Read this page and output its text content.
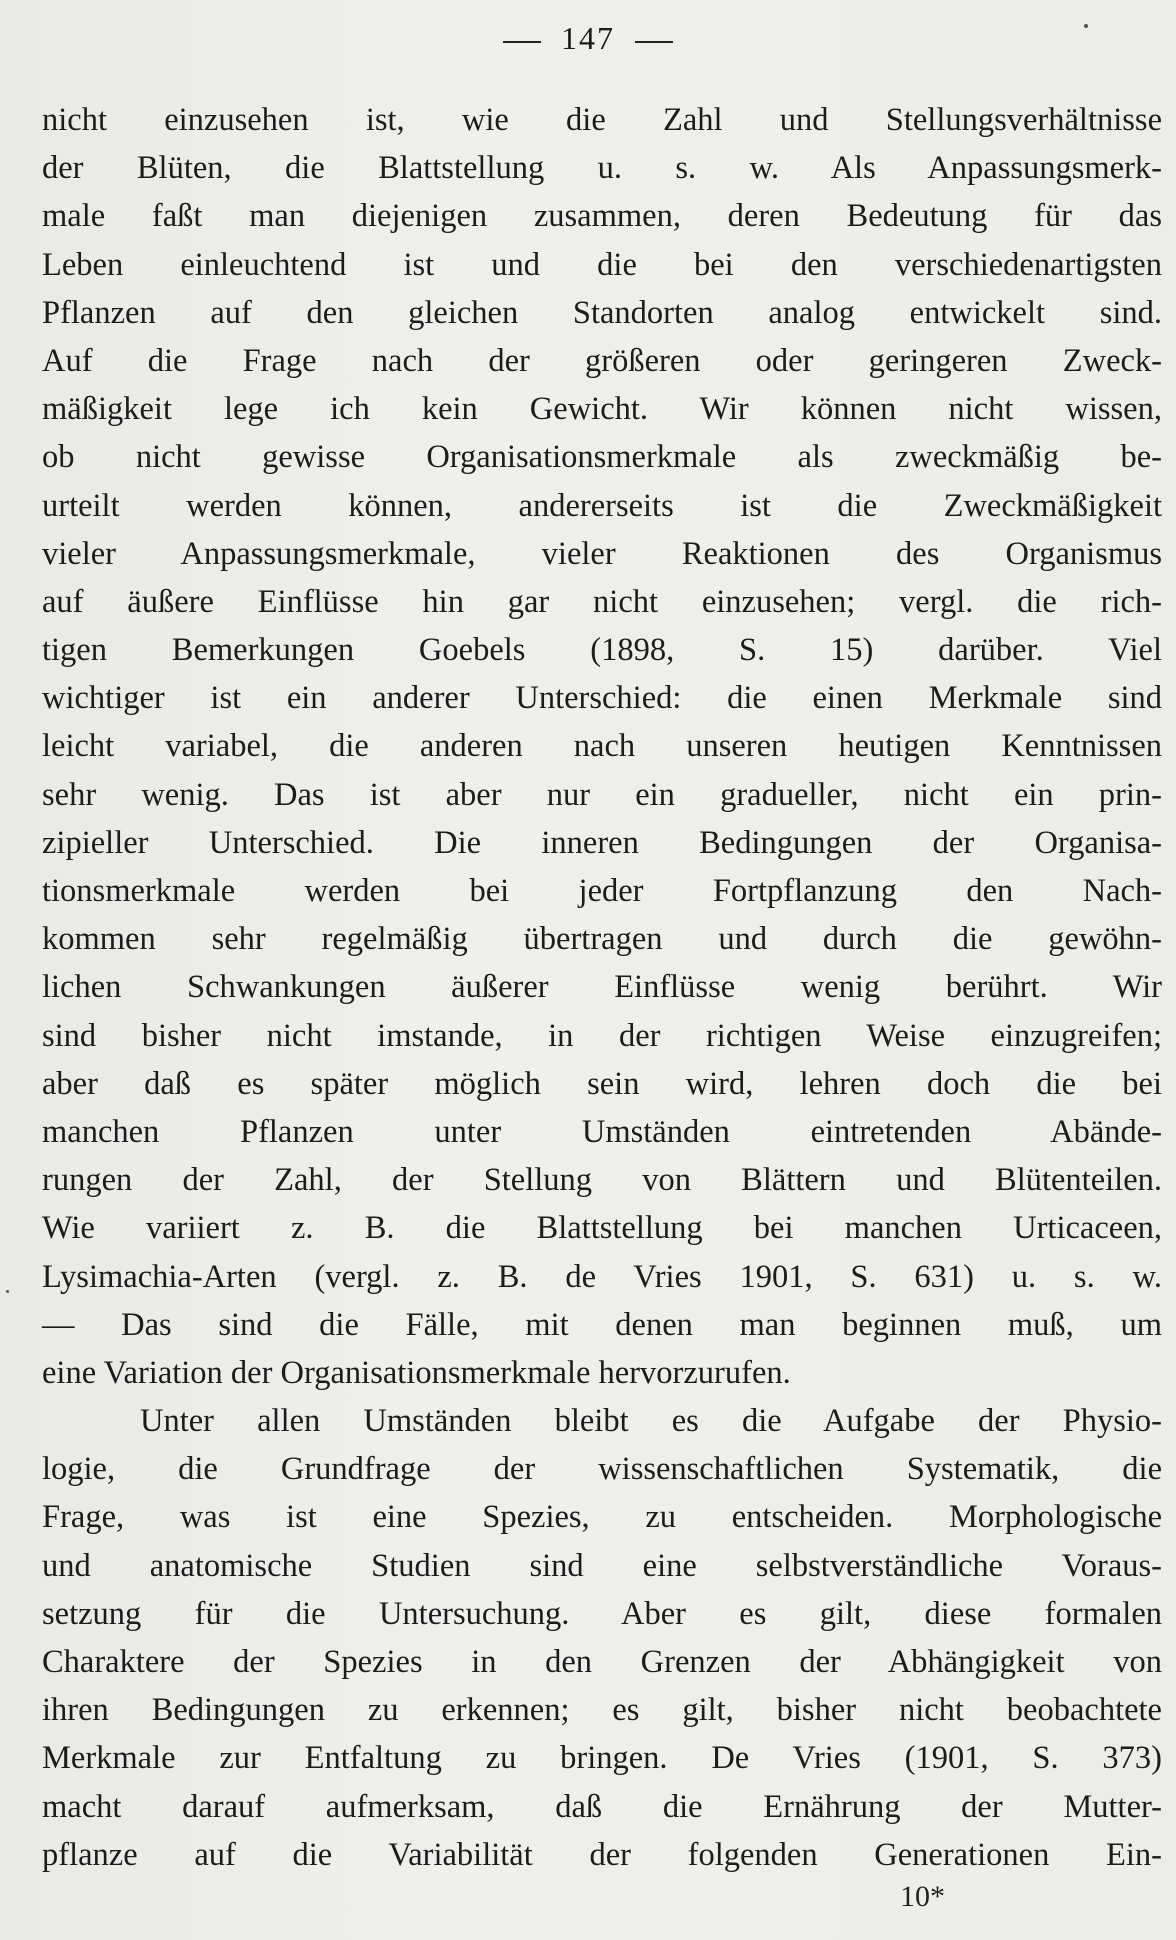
147
nicht einzusehen ist, wie die Zahl und Stellungsverhältnisse
der Blüten, die Blattstellung u. s. w. Als Anpassungsmerk-
male faßt man diejenigen zusammen, deren Bedeutung für das
Leben einleuchtend ist und die bei den verschiedenartigsten
Pflanzen auf den gleichen Standorten analog entwickelt sind.
Auf die Frage nach der größeren oder geringeren Zweck-
mäßigkeit lege ich kein Gewicht. Wir können nicht wissen,
ob nicht gewisse Organisationsmerkmale als zweckmäßig be-
urteilt werden können, andererseits ist die Zweckmäßigkeit
vieler Anpassungsmerkmale, vieler Reaktionen des Organismus
auf äußere Einflüsse hin gar nicht einzusehen; vergl. die rich-
tigen Bemerkungen Goebels (1898, S. 15) darüber. Viel
wichtiger ist ein anderer Unterschied: die einen Merkmale sind
leicht variabel, die anderen nach unseren heutigen Kenntnissen
sehr wenig. Das ist aber nur ein gradueller, nicht ein prin-
zipieller Unterschied. Die inneren Bedingungen der Organisa-
tionsmerkmale werden bei jeder Fortpflanzung den Nach-
kommen sehr regelmäßig übertragen und durch die gewöhn-
lichen Schwankungen äußerer Einflüsse wenig berührt. Wir
sind bisher nicht imstande, in der richtigen Weise einzugreifen;
aber daß es später möglich sein wird, lehren doch die bei
manchen Pflanzen unter Umständen eintretenden Abände-
rungen der Zahl, der Stellung von Blättern und Blütenteilen.
Wie variiert z. B. die Blattstellung bei manchen Urticaceen,
Lysimachia-Arten (vergl. z. B. de Vries 1901, S. 631) u. s. w.
— Das sind die Fälle, mit denen man beginnen muß, um
eine Variation der Organisationsmerkmale hervorzurufen.
Unter allen Umständen bleibt es die Aufgabe der Physio-
logie, die Grundfrage der wissenschaftlichen Systematik, die
Frage, was ist eine Spezies, zu entscheiden. Morphologische
und anatomische Studien sind eine selbstverständliche Voraus-
setzung für die Untersuchung. Aber es gilt, diese formalen
Charaktere der Spezies in den Grenzen der Abhängigkeit von
ihren Bedingungen zu erkennen; es gilt, bisher nicht beobachtete
Merkmale zur Entfaltung zu bringen. De Vries (1901, S. 373)
macht darauf aufmerksam, daß die Ernährung der Mutter-
pflanze auf die Variabilität der folgenden Generationen Ein-
10*
